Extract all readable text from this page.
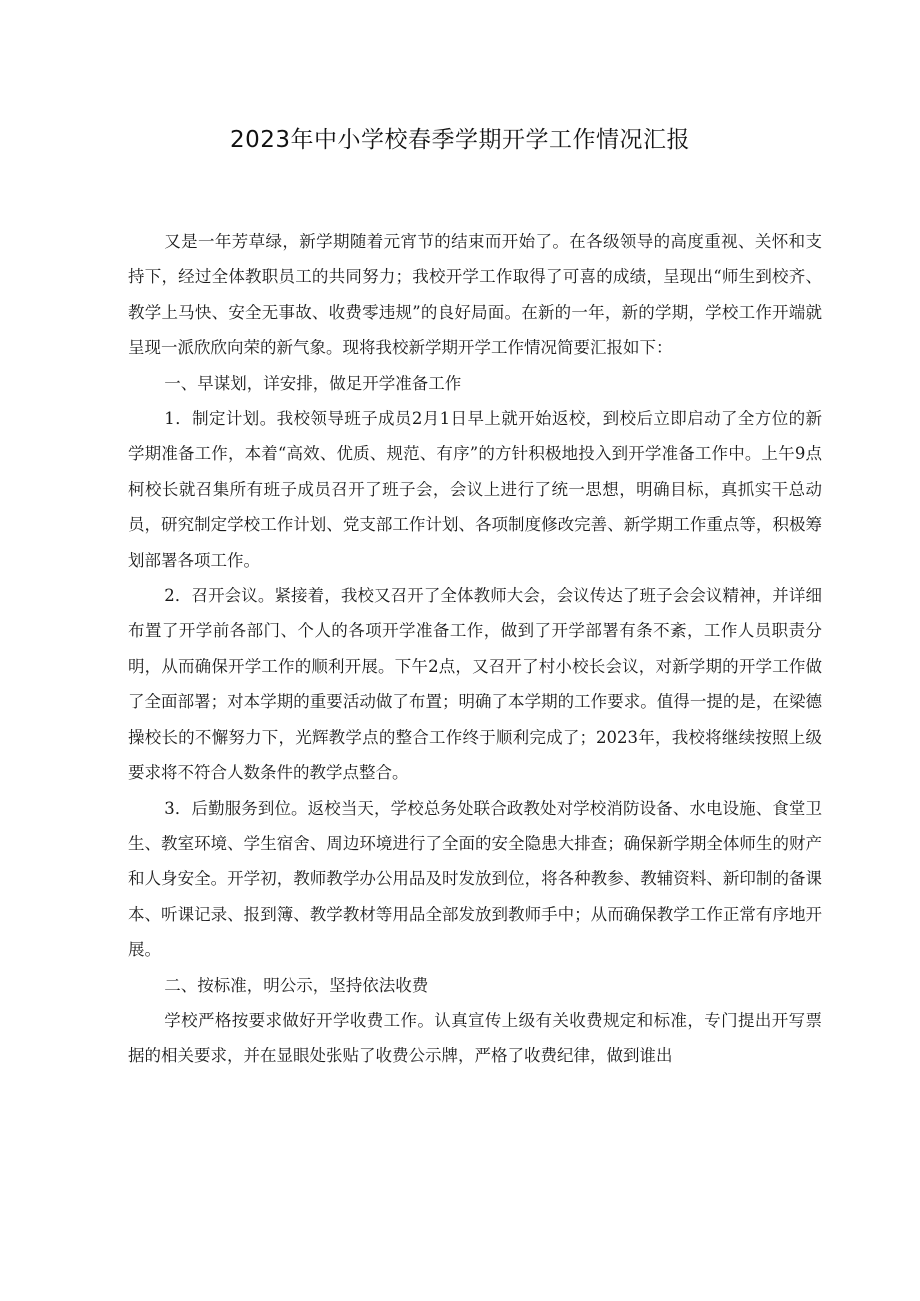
2023年中小学校春季学期开学工作情况汇报

又是一年芳草绿，新学期随着元宵节的结束而开始了。在各级领导的高度重视、关怀和支持下，经过全体教职员工的共同努力；我校开学工作取得了可喜的成绩，呈现出“师生到校齐、教学上马快、安全无事故、收费零违规”的良好局面。在新的一年，新的学期，学校工作开端就呈现一派欣欣向荣的新气象。现将我校新学期开学工作情况简要汇报如下：

一、早谋划，详安排，做足开学准备工作

1．制定计划。我校领导班子成员2月1日早上就开始返校，到校后立即启动了全方位的新学期准备工作，本着“高效、优质、规范、有序”的方针积极地投入到开学准备工作中。上午9点柯校长就召集所有班子成员召开了班子会，会议上进行了统一思想，明确目标，真抓实干总动员，研究制定学校工作计划、党支部工作计划、各项制度修改完善、新学期工作重点等，积极筹划部署各项工作。

2．召开会议。紧接着，我校又召开了全体教师大会，会议传达了班子会会议精神，并详细布置了开学前各部门、个人的各项开学准备工作，做到了开学部署有条不紊，工作人员职责分明，从而确保开学工作的顺利开展。下午2点，又召开了村小校长会议，对新学期的开学工作做了全面部署；对本学期的重要活动做了布置；明确了本学期的工作要求。值得一提的是，在梁德操校长的不懈努力下，光辉教学点的整合工作终于顺利完成了；2023年，我校将继续按照上级要求将不符合人数条件的教学点整合。

3．后勤服务到位。返校当天，学校总务处联合政教处对学校消防设备、水电设施、食堂卫生、教室环境、学生宿舍、周边环境进行了全面的安全隐患大排查；确保新学期全体师生的财产和人身安全。开学初，教师教学办公用品及时发放到位，将各种教参、教辅资料、新印制的备课本、听课记录、报到簿、教学教材等用品全部发放到教师手中；从而确保教学工作正常有序地开展。

二、按标准，明公示，坚持依法收费

学校严格按要求做好开学收费工作。认真宣传上级有关收费规定和标准，专门提出开写票据的相关要求，并在显眼处张贴了收费公示牌，严格了收费纪律，做到谁出
